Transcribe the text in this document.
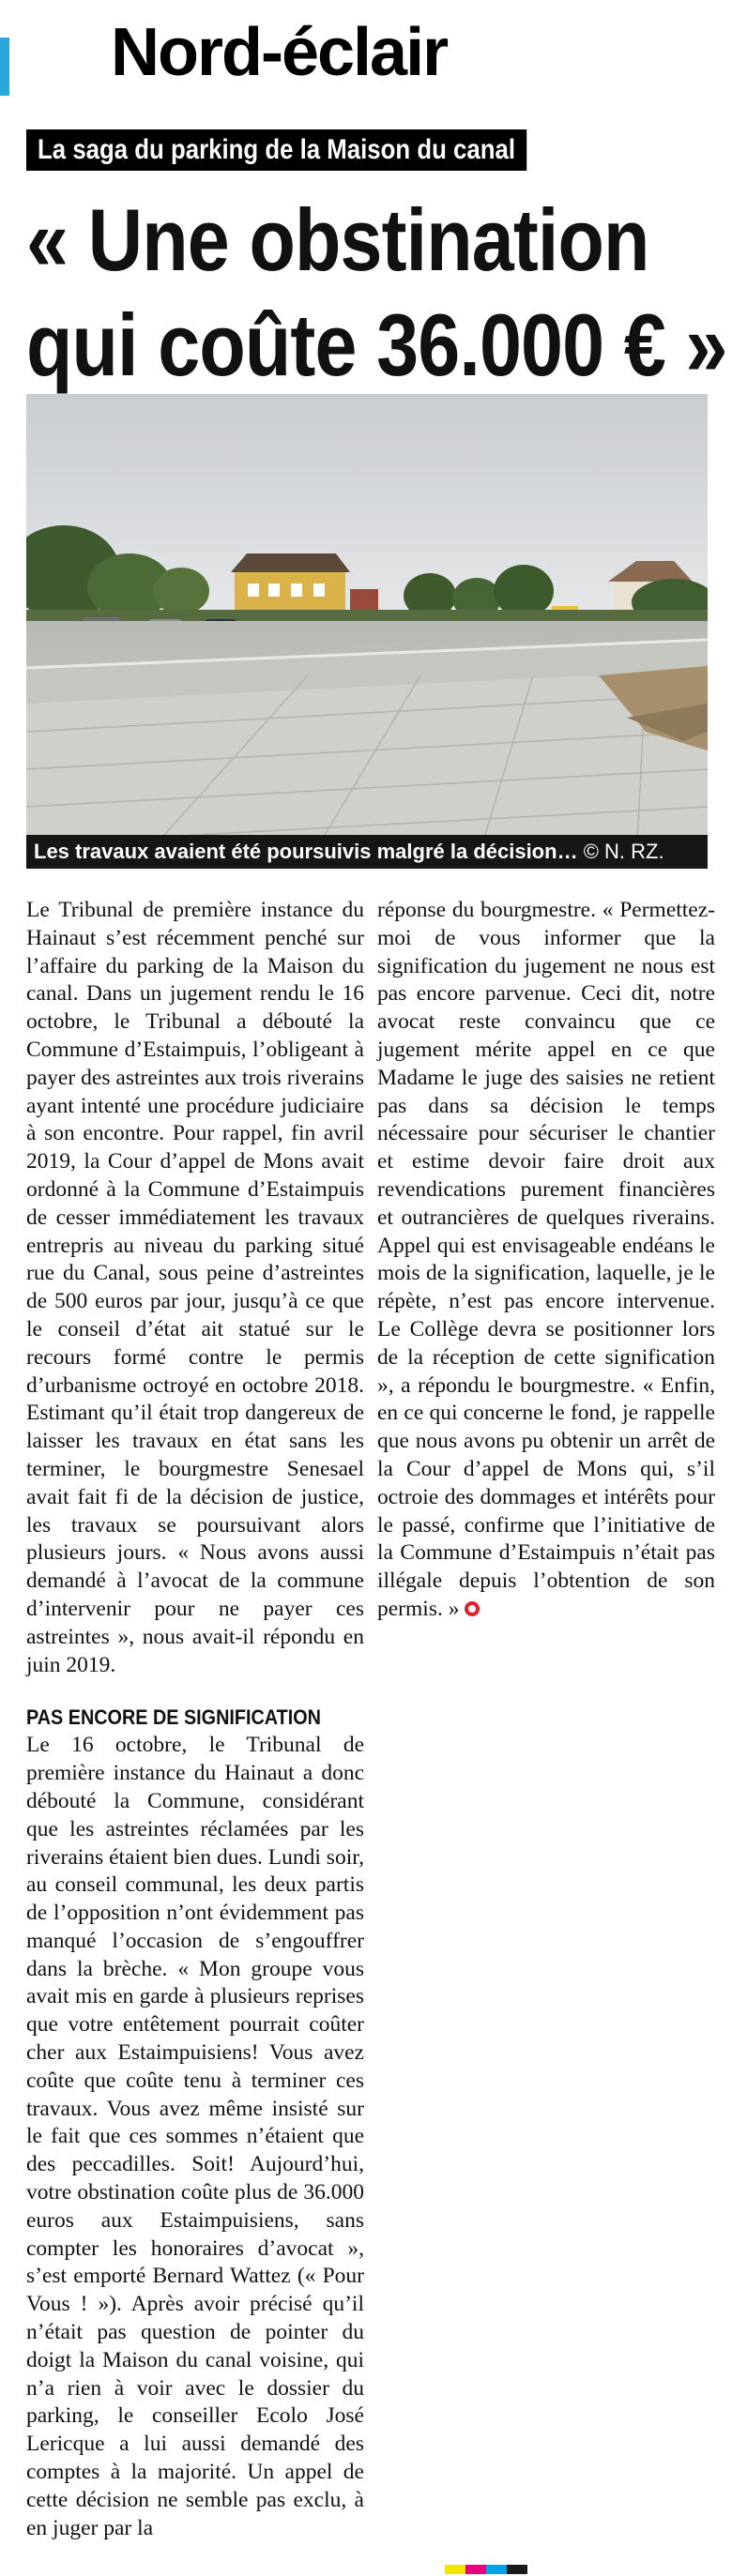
Nord-éclair
La saga du parking de la Maison du canal
« Une obstination
qui coûte 36.000 € »
Les travaux avaient été poursuivis malgré la décision… © N. RZ.

Le Tribunal de première instance du Hainaut s’est récemment penché sur l’affaire du parking de la Maison du canal. Dans un jugement rendu le 16 octobre, le Tribunal a débouté la Commune d’Estaimpuis, l’obligeant à payer des astreintes aux trois riverains ayant intenté une procédure judiciaire à son encontre. Pour rappel, fin avril 2019, la Cour d’appel de Mons avait ordonné à la Commune d’Estaimpuis de cesser immédiatement les travaux entrepris au niveau du parking situé rue du Canal, sous peine d’astreintes de 500 euros par jour, jusqu’à ce que le conseil d’état ait statué sur le recours formé contre le permis d’urbanisme octroyé en octobre 2018. Estimant qu’il était trop dangereux de laisser les travaux en état sans les terminer, le bourgmestre Senesael avait fait fi de la décision de justice, les travaux se poursuivant alors plusieurs jours. « Nous avons aussi demandé à l’avocat de la commune d’intervenir pour ne payer ces astreintes », nous avait-il répondu en juin 2019.

PAS ENCORE DE SIGNIFICATION

Le 16 octobre, le Tribunal de première instance du Hainaut a donc débouté la Commune, considérant que les astreintes réclamées par les riverains étaient bien dues. Lundi soir, au conseil communal, les deux partis de l’opposition n’ont évidemment pas manqué l’occasion de s’engouffrer dans la brèche. « Mon groupe vous avait mis en garde à plusieurs reprises que votre entêtement pourrait coûter cher aux Estaimpuisiens! Vous avez coûte que coûte tenu à terminer ces travaux. Vous avez même insisté sur le fait que ces sommes n’étaient que des peccadilles. Soit! Aujourd’hui, votre obstination coûte plus de 36.000 euros aux Estaimpuisiens, sans compter les honoraires d’avocat », s’est emporté Bernard Wattez (« Pour Vous ! »). Après avoir précisé qu’il n’était pas question de pointer du doigt la Maison du canal voisine, qui n’a rien à voir avec le dossier du parking, le conseiller Ecolo José Lericque a lui aussi demandé des comptes à la majorité. Un appel de cette décision ne semble pas exclu, à en juger par la

réponse du bourgmestre. « Permettez-moi de vous informer que la signification du jugement ne nous est pas encore parvenue. Ceci dit, notre avocat reste convaincu que ce jugement mérite appel en ce que Madame le juge des saisies ne retient pas dans sa décision le temps nécessaire pour sécuriser le chantier et estime devoir faire droit aux revendications purement financières et outrancières de quelques riverains. Appel qui est envisageable endéans le mois de la signification, laquelle, je le répète, n’est pas encore intervenue. Le Collège devra se positionner lors de la réception de cette signification », a répondu le bourgmestre. « Enfin, en ce qui concerne le fond, je rappelle que nous avons pu obtenir un arrêt de la Cour d’appel de Mons qui, s’il octroie des dommages et intérêts pour le passé, confirme que l’initiative de la Commune d’Estaimpuis n’était pas illégale depuis l’obtention de son permis. »
